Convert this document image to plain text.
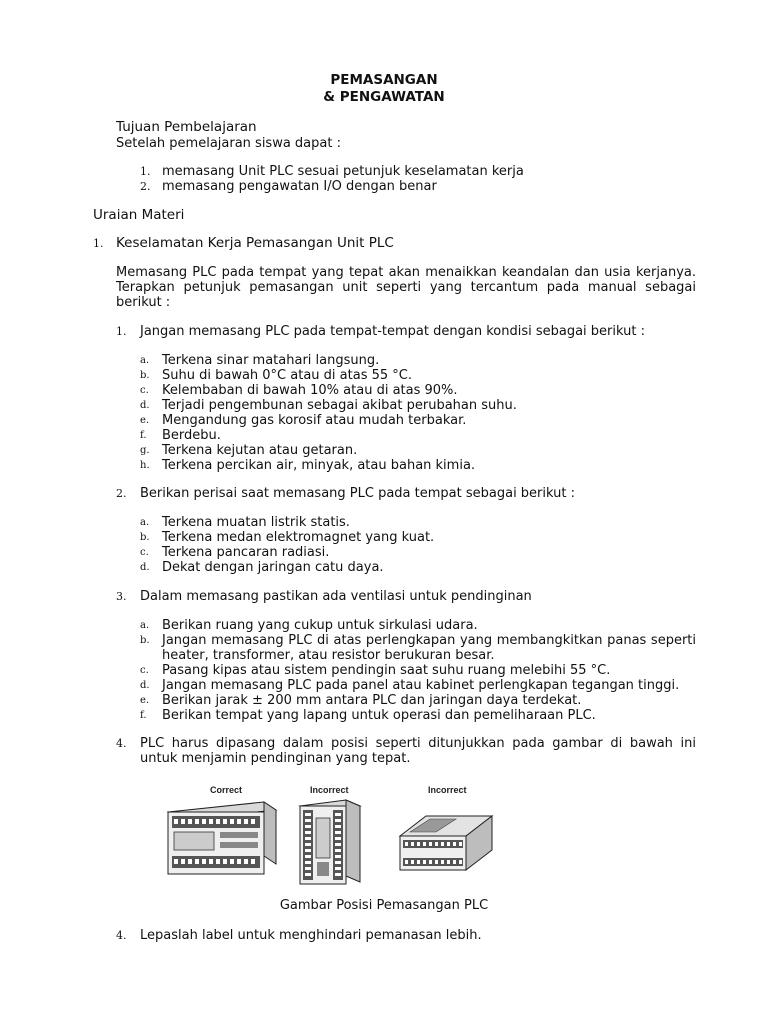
PEMASANGAN
& PENGAWATAN
Tujuan Pembelajaran
Setelah pemelajaran siswa dapat :
1. memasang Unit PLC sesuai petunjuk keselamatan kerja
2. memasang pengawatan I/O dengan benar
Uraian Materi
1. Keselamatan Kerja Pemasangan Unit PLC
Memasang PLC pada tempat yang tepat akan menaikkan keandalan dan usia kerjanya. Terapkan petunjuk pemasangan unit seperti yang tercantum pada manual sebagai berikut :
1. Jangan memasang PLC pada tempat-tempat dengan kondisi sebagai berikut :
a. Terkena sinar matahari langsung.
b. Suhu di bawah 0°C atau di atas 55 °C.
c. Kelembaban di bawah 10% atau di atas 90%.
d. Terjadi pengembunan sebagai akibat perubahan suhu.
e. Mengandung gas korosif atau mudah terbakar.
f. Berdebu.
g. Terkena kejutan atau getaran.
h. Terkena percikan air, minyak, atau bahan kimia.
2. Berikan perisai saat memasang PLC pada tempat sebagai berikut :
a. Terkena muatan listrik statis.
b. Terkena medan elektromagnet yang kuat.
c. Terkena pancaran radiasi.
d. Dekat dengan jaringan catu daya.
3. Dalam memasang pastikan ada ventilasi untuk pendinginan
a. Berikan ruang yang cukup untuk sirkulasi udara.
b. Jangan memasang PLC di atas perlengkapan yang membangkitkan panas seperti heater, transformer, atau resistor berukuran besar.
c. Pasang kipas atau sistem pendingin saat suhu ruang melebihi 55 °C.
d. Jangan memasang PLC pada panel atau kabinet perlengkapan tegangan tinggi.
e. Berikan jarak ± 200 mm antara PLC dan jaringan daya terdekat.
f. Berikan tempat yang lapang untuk operasi dan pemeliharaan PLC.
4. PLC harus dipasang dalam posisi seperti ditunjukkan pada gambar di bawah ini untuk menjamin pendinginan yang tepat.
Correct	Incorrect	Incorrect
Gambar Posisi Pemasangan PLC
4. Lepaslah label untuk menghindari pemanasan lebih.
